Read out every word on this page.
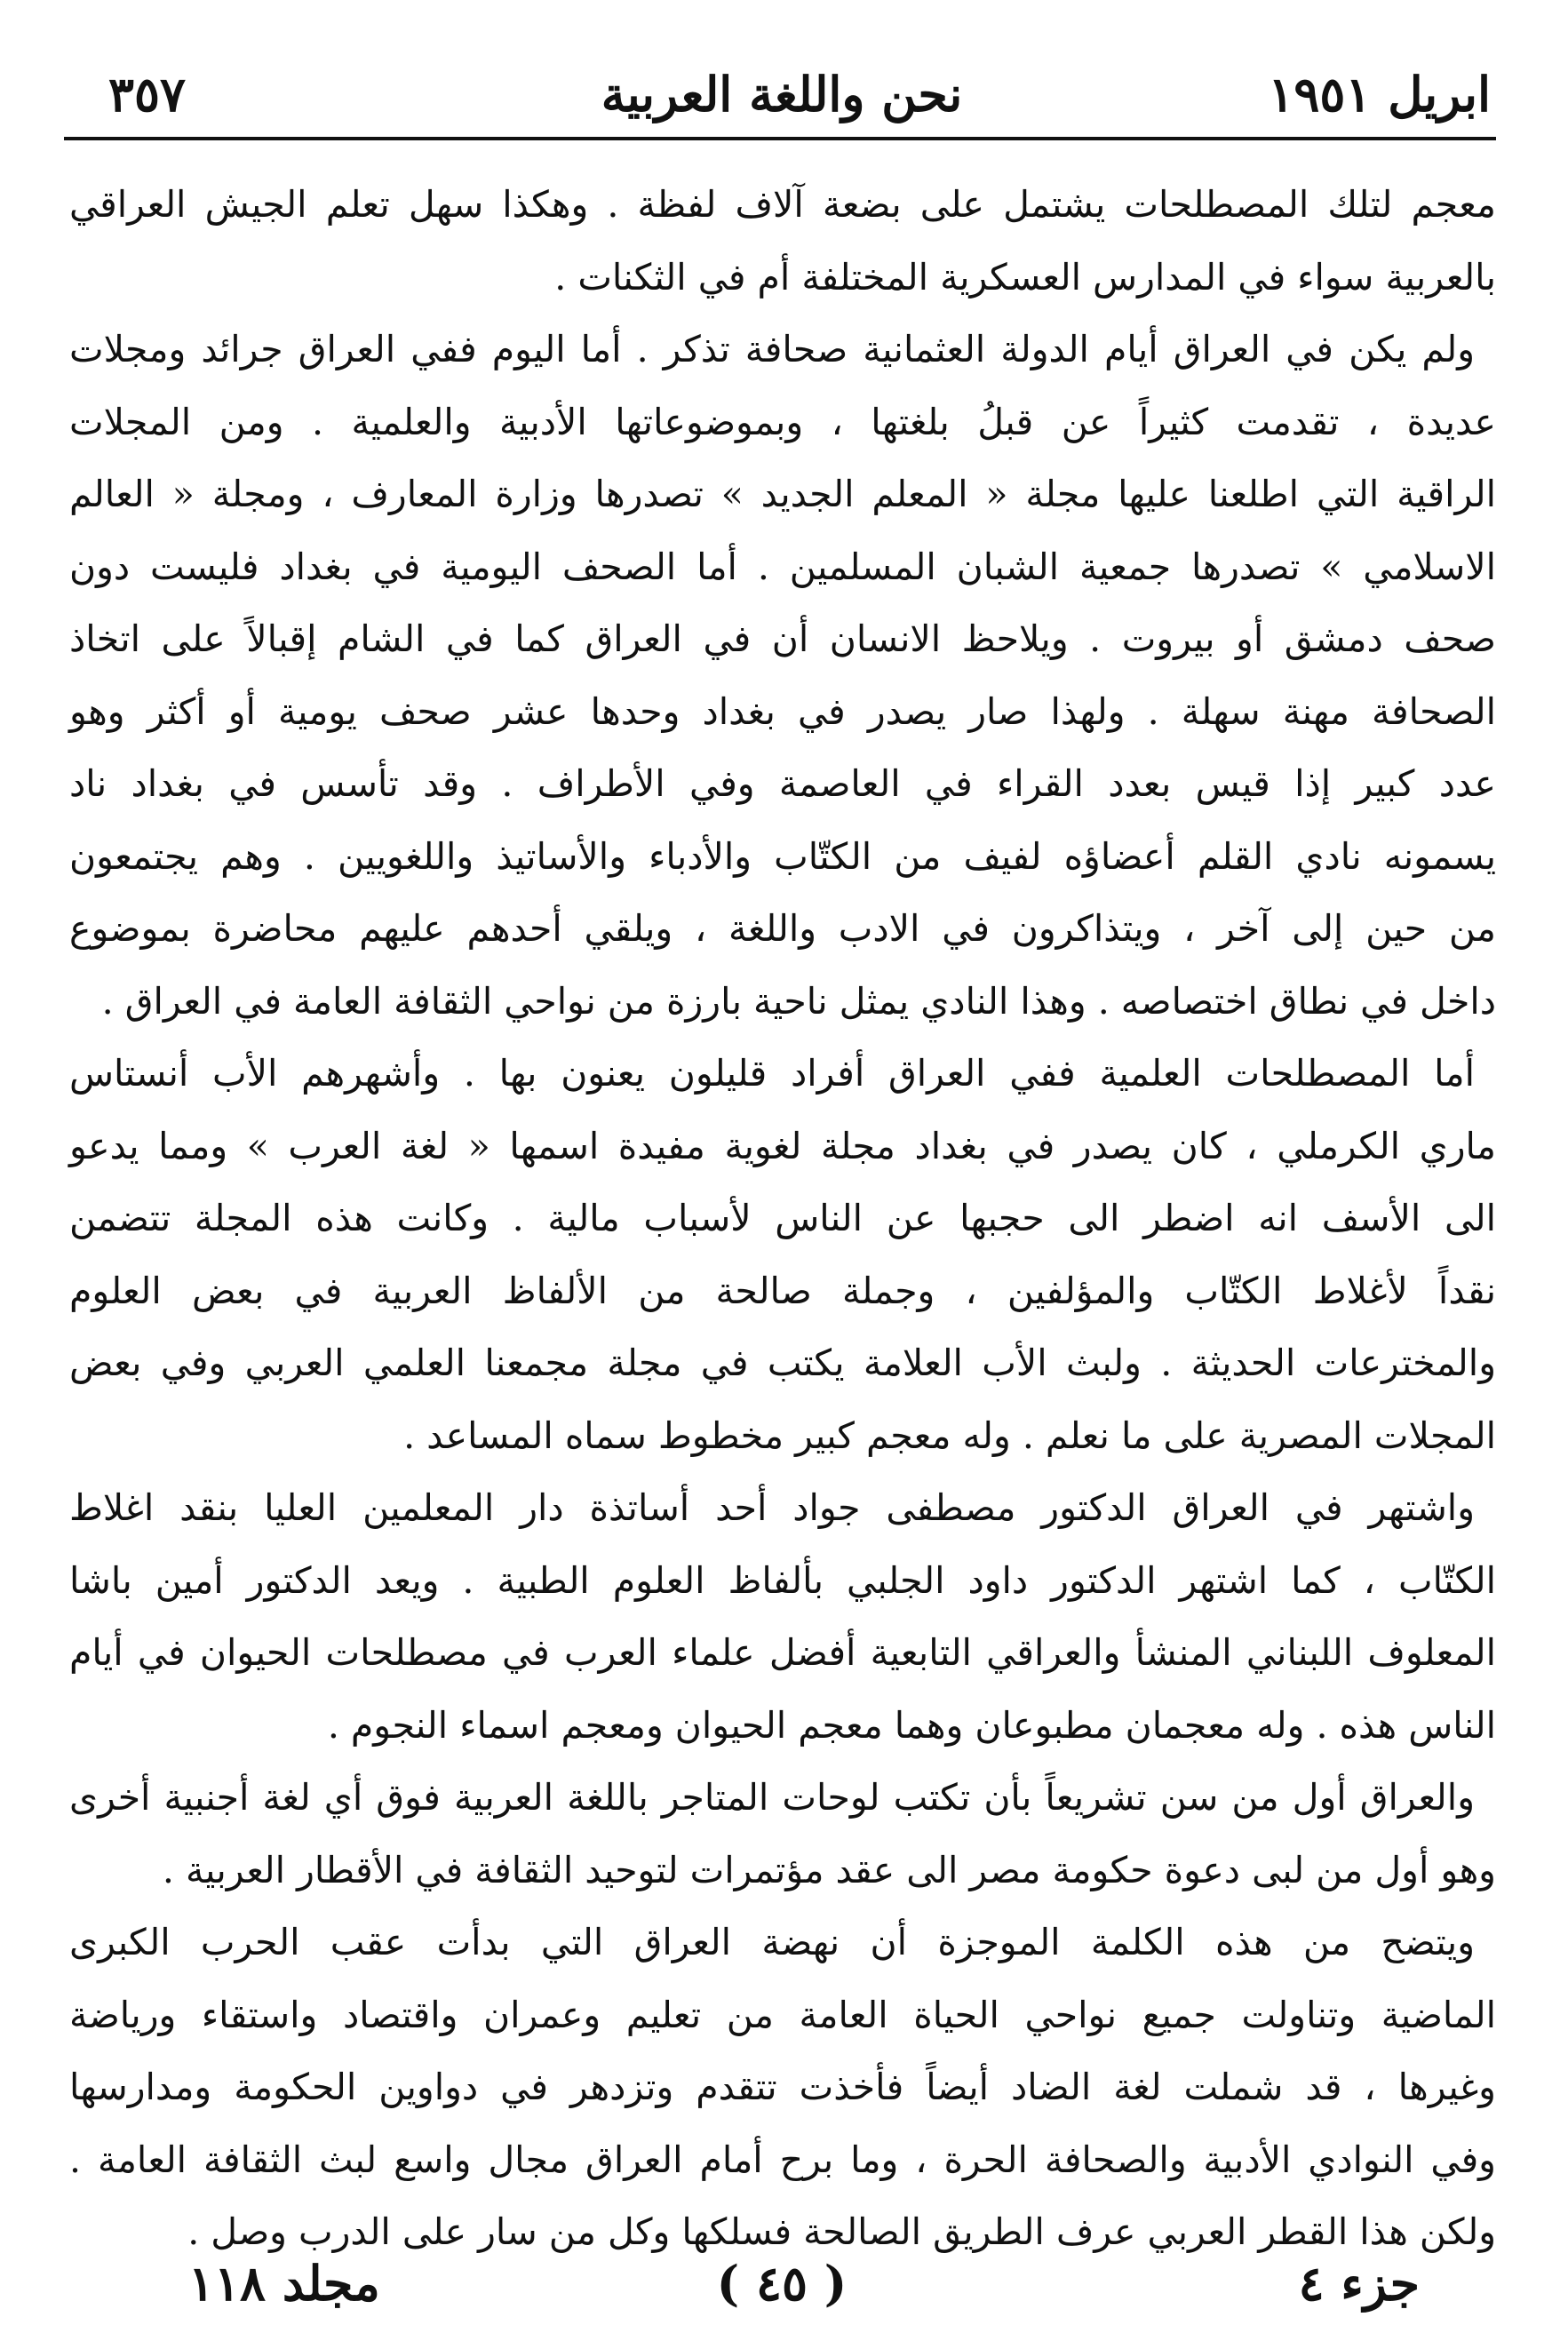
ابريل ١٩٥١
نحن واللغة العربية
٣٥٧

معجم لتلك المصطلحات يشتمل على بضعة آلاف لفظة . وهكذا سهل تعلم الجيش العراقي

بالعربية سواء في المدارس العسكرية المختلفة أم في الثكنات .

ولم يكن في العراق أيام الدولة العثمانية صحافة تذكر . أما اليوم ففي العراق جرائد ومجلات

عديدة ، تقدمت كثيراً عن قبلُ بلغتها ، وبموضوعاتها الأدبية والعلمية . ومن المجلات

الراقية التي اطلعنا عليها مجلة « المعلم الجديد » تصدرها وزارة المعارف ، ومجلة « العالم

الاسلامي » تصدرها جمعية الشبان المسلمين . أما الصحف اليومية في بغداد فليست دون

صحف دمشق أو بيروت . ويلاحظ الانسان أن في العراق كما في الشام إقبالاً على اتخاذ

الصحافة مهنة سهلة . ولهذا صار يصدر في بغداد وحدها عشر صحف يومية أو أكثر وهو

عدد كبير إذا قيس بعدد القراء في العاصمة وفي الأطراف . وقد تأسس في بغداد ناد

يسمونه نادي القلم أعضاؤه لفيف من الكتّاب والأدباء والأساتيذ واللغويين . وهم يجتمعون

من حين إلى آخر ، ويتذاكرون في الادب واللغة ، ويلقي أحدهم عليهم محاضرة بموضوع

داخل في نطاق اختصاصه . وهذا النادي يمثل ناحية بارزة من نواحي الثقافة العامة في العراق .

أما المصطلحات العلمية ففي العراق أفراد قليلون يعنون بها . وأشهرهم الأب أنستاس

ماري الكرملي ، كان يصدر في بغداد مجلة لغوية مفيدة اسمها « لغة العرب » ومما يدعو

الى الأسف انه اضطر الى حجبها عن الناس لأسباب مالية . وكانت هذه المجلة تتضمن

نقداً لأغلاط الكتّاب والمؤلفين ، وجملة صالحة من الألفاظ العربية في بعض العلوم

والمخترعات الحديثة . ولبث الأب العلامة يكتب في مجلة مجمعنا العلمي العربي وفي بعض

المجلات المصرية على ما نعلم . وله معجم كبير مخطوط سماه المساعد .

واشتهر في العراق الدكتور مصطفى جواد أحد أساتذة دار المعلمين العليا بنقد اغلاط

الكتّاب ، كما اشتهر الدكتور داود الجلبي بألفاظ العلوم الطبية . ويعد الدكتور أمين باشا

المعلوف اللبناني المنشأ والعراقي التابعية أفضل علماء العرب في مصطلحات الحيوان في أيام

الناس هذه . وله معجمان مطبوعان وهما معجم الحيوان ومعجم اسماء النجوم .

والعراق أول من سن تشريعاً بأن تكتب لوحات المتاجر باللغة العربية فوق أي لغة أجنبية أخرى

وهو أول من لبى دعوة حكومة مصر الى عقد مؤتمرات لتوحيد الثقافة في الأقطار العربية .

ويتضح من هذه الكلمة الموجزة أن نهضة العراق التي بدأت عقب الحرب الكبرى

الماضية وتناولت جميع نواحي الحياة العامة من تعليم وعمران واقتصاد واستقاء ورياضة

وغيرها ، قد شملت لغة الضاد أيضاً فأخذت تتقدم وتزدهر في دواوين الحكومة ومدارسها

وفي النوادي الأدبية والصحافة الحرة ، وما برح أمام العراق مجال واسع لبث الثقافة العامة .

ولكن هذا القطر العربي عرف الطريق الصالحة فسلكها وكل من سار على الدرب وصل .

جزء ٤
( ٤٥ )
مجلد ١١٨
